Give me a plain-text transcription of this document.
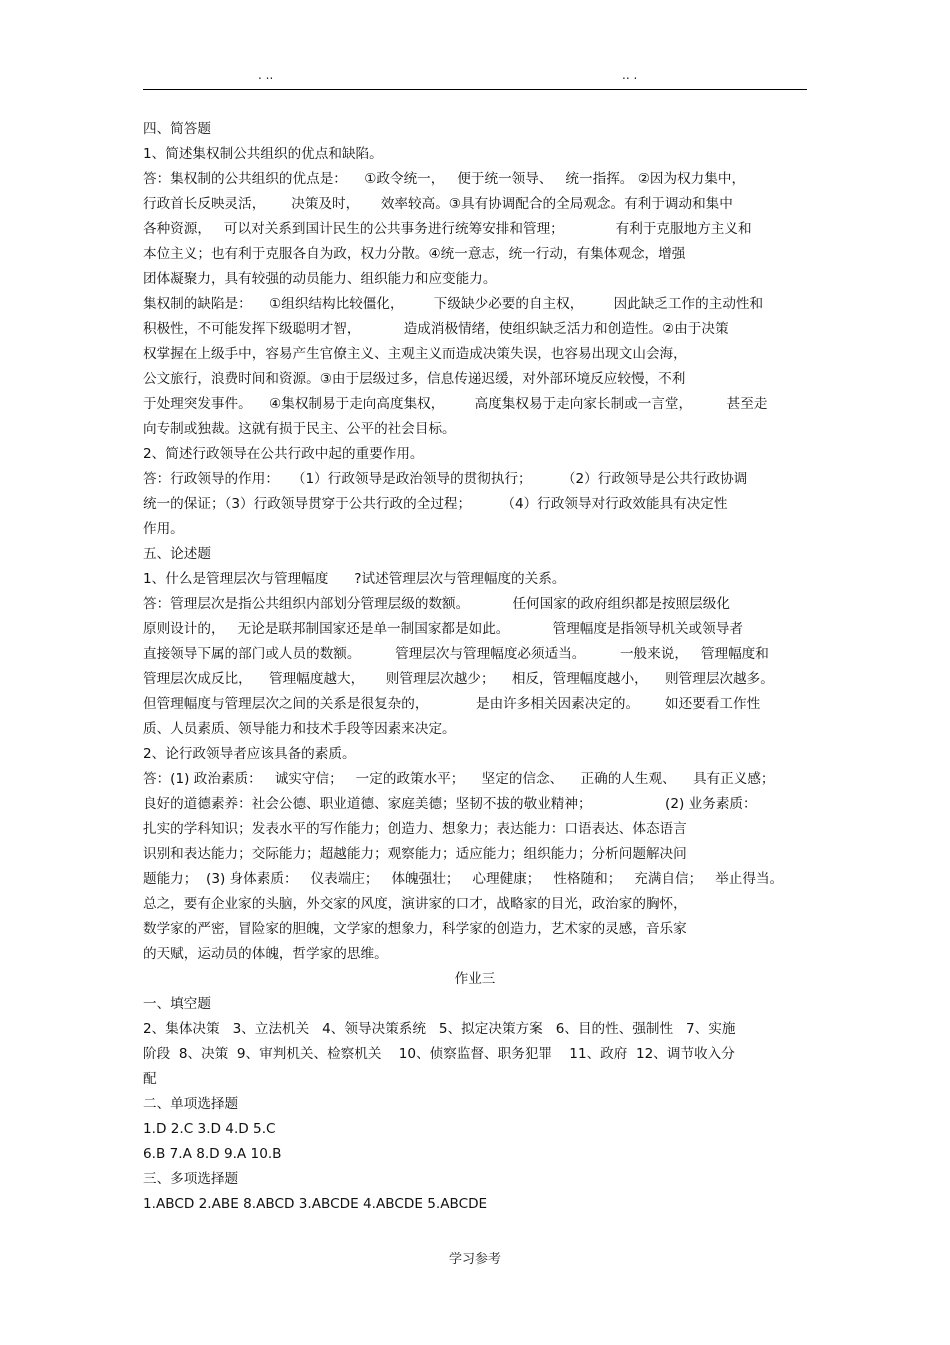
. ..	.. .
四、简答题
1、简述集权制公共组织的优点和缺陷。
答：集权制的公共组织的优点是：    ①政令统一，   便于统一领导、   统一指挥。 ②因为权力集中，
行政首长反映灵活，      决策及时，     效率较高。③具有协调配合的全局观念。有利于调动和集中
各种资源，   可以对关系到国计民生的公共事务进行统筹安排和管理；            有利于克服地方主义和
本位主义；也有利于克服各自为政，权力分散。④统一意志，统一行动，有集体观念，增强
团体凝聚力，具有较强的动员能力、组织能力和应变能力。
集权制的缺陷是：    ①组织结构比较僵化，       下级缺少必要的自主权，       因此缺乏工作的主动性和
积极性，不可能发挥下级聪明才智，          造成消极情绪，使组织缺乏活力和创造性。②由于决策
权掌握在上级手中，容易产生官僚主义、主观主义而造成决策失误，也容易出现文山会海，
公文旅行，浪费时间和资源。③由于层级过多，信息传递迟缓，对外部环境反应较慢，不利
于处理突发事件。    ④集权制易于走向高度集权，       高度集权易于走向家长制或一言堂，        甚至走
向专制或独裁。这就有损于民主、公平的社会目标。
2、简述行政领导在公共行政中起的重要作用。
答：行政领导的作用：   （1）行政领导是政治领导的贯彻执行；       （2）行政领导是公共行政协调
统一的保证；（3）行政领导贯穿于公共行政的全过程；       （4）行政领导对行政效能具有决定性
作用。
五、论述题
1、什么是管理层次与管理幅度      ?试述管理层次与管理幅度的关系。
答：管理层次是指公共组织内部划分管理层级的数额。          任何国家的政府组织都是按照层级化
原则设计的，   无论是联邦制国家还是单一制国家都是如此。          管理幅度是指领导机关或领导者
直接领导下属的部门或人员的数额。        管理层次与管理幅度必须适当。        一般来说，   管理幅度和
管理层次成反比，    管理幅度越大，     则管理层次越少；    相反，管理幅度越小，    则管理层次越多。
但管理幅度与管理层次之间的关系是很复杂的，           是由许多相关因素决定的。      如还要看工作性
质、人员素质、领导能力和技术手段等因素来决定。
2、论行政领导者应该具备的素质。
答：(1) 政治素质：   诚实守信；   一定的政策水平；    坚定的信念、    正确的人生观、    具有正义感；
良好的道德素养：社会公德、职业道德、家庭美德；坚韧不拔的敬业精神；                 (2) 业务素质：
扎实的学科知识；发表水平的写作能力；创造力、想象力；表达能力：口语表达、体态语言
识别和表达能力；交际能力；超越能力；观察能力；适应能力；组织能力；分析问题解决问
题能力；  (3) 身体素质：   仪表端庄；   体魄强壮；   心理健康；   性格随和；   充满自信；   举止得当。
总之，要有企业家的头脑，外交家的风度，演讲家的口才，战略家的目光，政治家的胸怀，
数学家的严密，冒险家的胆魄，文学家的想象力，科学家的创造力，艺术家的灵感，音乐家
的天赋，运动员的体魄，哲学家的思维。
作业三
一、填空题
2、集体决策   3、立法机关   4、领导决策系统   5、拟定决策方案   6、目的性、强制性   7、实施
阶段  8、决策  9、审判机关、检察机关    10、侦察监督、职务犯罪    11、政府  12、调节收入分
配
二、单项选择题
1.D 2.C 3.D 4.D 5.C
6.B 7.A 8.D 9.A 10.B
三、多项选择题
1.ABCD 2.ABE 8.ABCD 3.ABCDE 4.ABCDE 5.ABCDE
学习参考
